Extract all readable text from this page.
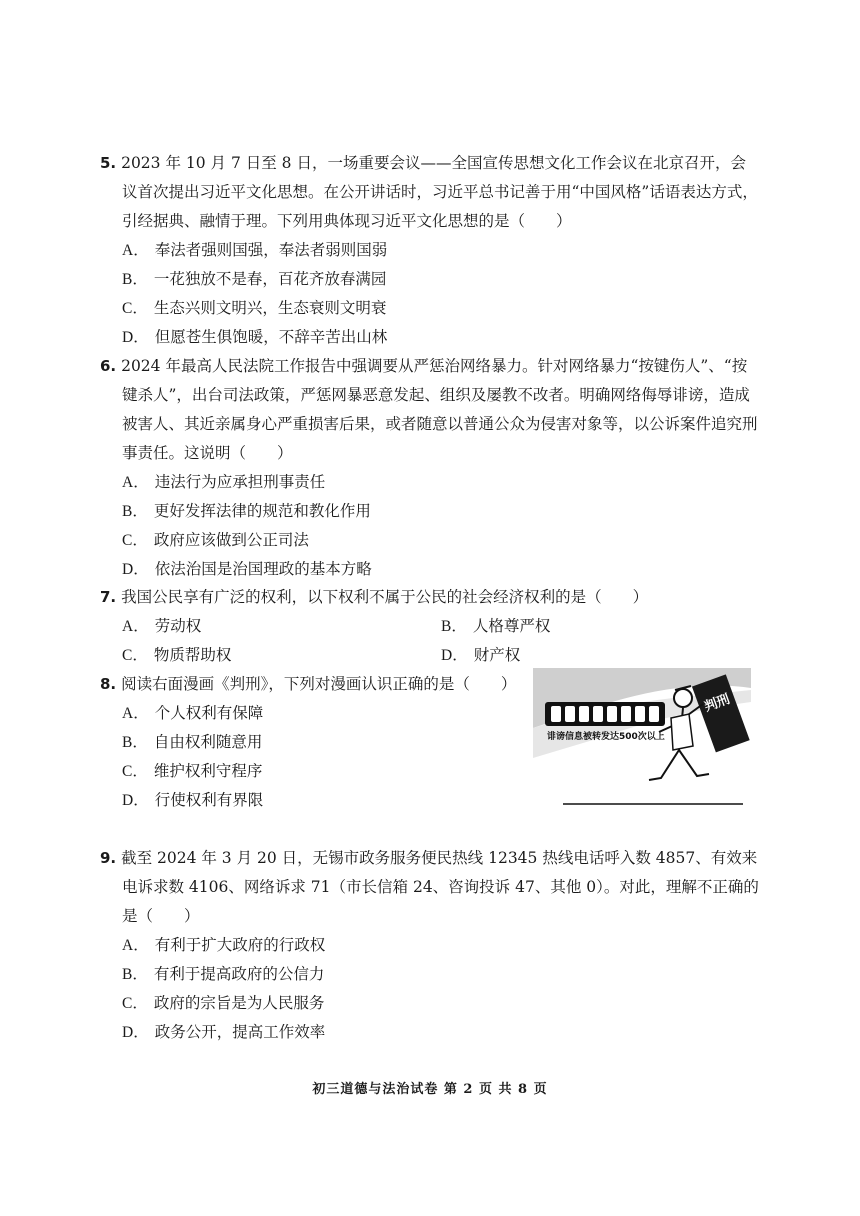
5. 2023 年 10 月 7 日至 8 日，一场重要会议——全国宣传思想文化工作会议在北京召开，会议首次提出习近平文化思想。在公开讲话时，习近平总书记善于用“中国风格”话语表达方式，引经据典、融情于理。下列用典体现习近平文化思想的是（　　）

A． 奉法者强则国强，奉法者弱则国弱

B． 一花独放不是春，百花齐放春满园

C． 生态兴则文明兴，生态衰则文明衰

D． 但愿苍生俱饱暖，不辞辛苦出山林

6. 2024 年最高人民法院工作报告中强调要从严惩治网络暴力。针对网络暴力“按键伤人”、“按键杀人”，出台司法政策，严惩网暴恶意发起、组织及屡教不改者。明确网络侮辱诽谤，造成被害人、其近亲属身心严重损害后果，或者随意以普通公众为侵害对象等，以公诉案件追究刑事责任。这说明（　　）

A． 违法行为应承担刑事责任

B． 更好发挥法律的规范和教化作用

C． 政府应该做到公正司法

D． 依法治国是治国理政的基本方略

7. 我国公民享有广泛的权利，以下权利不属于公民的社会经济权利的是（　　）

A． 劳动权	B． 人格尊严权
C． 物质帮助权	D． 财产权

8. 阅读右面漫画《判刑》，下列对漫画认识正确的是（　　）

A． 个人权利有保障

B． 自由权利随意用

C． 维护权利守程序

D． 行使权利有界限

判刑
诽谤信息被转发达500次以上

9. 截至 2024 年 3 月 20 日，无锡市政务服务便民热线 12345 热线电话呼入数 4857、有效来电诉求数 4106、网络诉求 71（市长信箱 24、咨询投诉 47、其他 0）。对此，理解不正确的是（　　）

A． 有利于扩大政府的行政权

B． 有利于提高政府的公信力

C． 政府的宗旨是为人民服务

D． 政务公开，提高工作效率

初三道德与法治试卷 第 2 页 共 8 页
